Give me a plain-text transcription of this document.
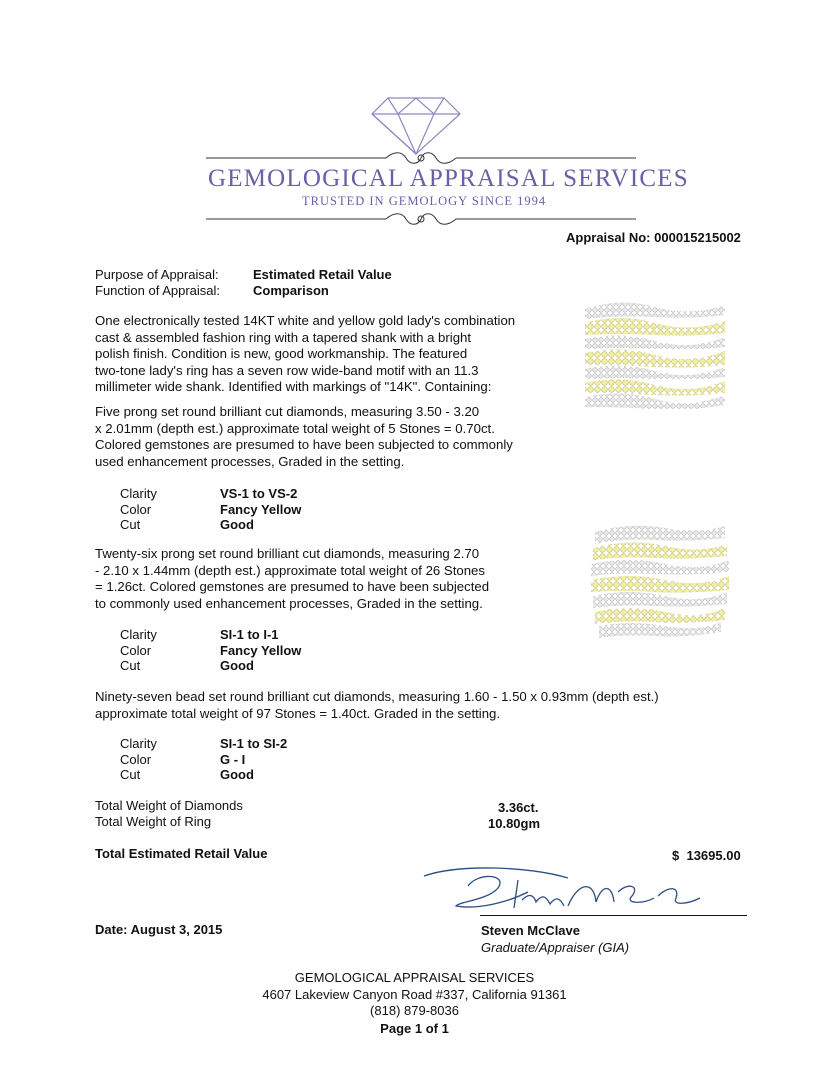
GEMOLOGICAL APPRAISAL SERVICES
TRUSTED IN GEMOLOGY SINCE 1994
Appraisal No: 000015215002
Purpose of Appraisal:	Estimated Retail Value
Function of Appraisal:	Comparison
One electronically tested 14KT white and yellow gold lady's combination
cast & assembled fashion ring with a tapered shank with a bright
polish finish. Condition is new, good workmanship. The featured
two-tone lady's ring has a seven row wide-band motif with an 11.3
millimeter wide shank. Identified with markings of "14K". Containing:
Five prong set round brilliant cut diamonds, measuring 3.50 - 3.20
x 2.01mm (depth est.) approximate total weight of 5 Stones = 0.70ct.
Colored gemstones are presumed to have been subjected to commonly
used enhancement processes, Graded in the setting.
Clarity	VS-1 to VS-2
Color	Fancy Yellow
Cut	Good
Twenty-six prong set round brilliant cut diamonds, measuring 2.70
- 2.10 x 1.44mm (depth est.) approximate total weight of 26 Stones
= 1.26ct. Colored gemstones are presumed to have been subjected
to commonly used enhancement processes, Graded in the setting.
Clarity	SI-1 to I-1
Color	Fancy Yellow
Cut	Good
Ninety-seven bead set round brilliant cut diamonds, measuring 1.60 - 1.50 x 0.93mm (depth est.)
approximate total weight of 97 Stones = 1.40ct. Graded in the setting.
Clarity	SI-1 to SI-2
Color	G - I
Cut	Good
Total Weight of Diamonds	3.36ct.
Total Weight of Ring	10.80gm
Total Estimated Retail Value	$ 13695.00
Steven McClave
Graduate/Appraiser (GIA)
Date: August 3, 2015
GEMOLOGICAL APPRAISAL SERVICES
4607 Lakeview Canyon Road #337, California 91361
(818) 879-8036
Page 1 of 1
